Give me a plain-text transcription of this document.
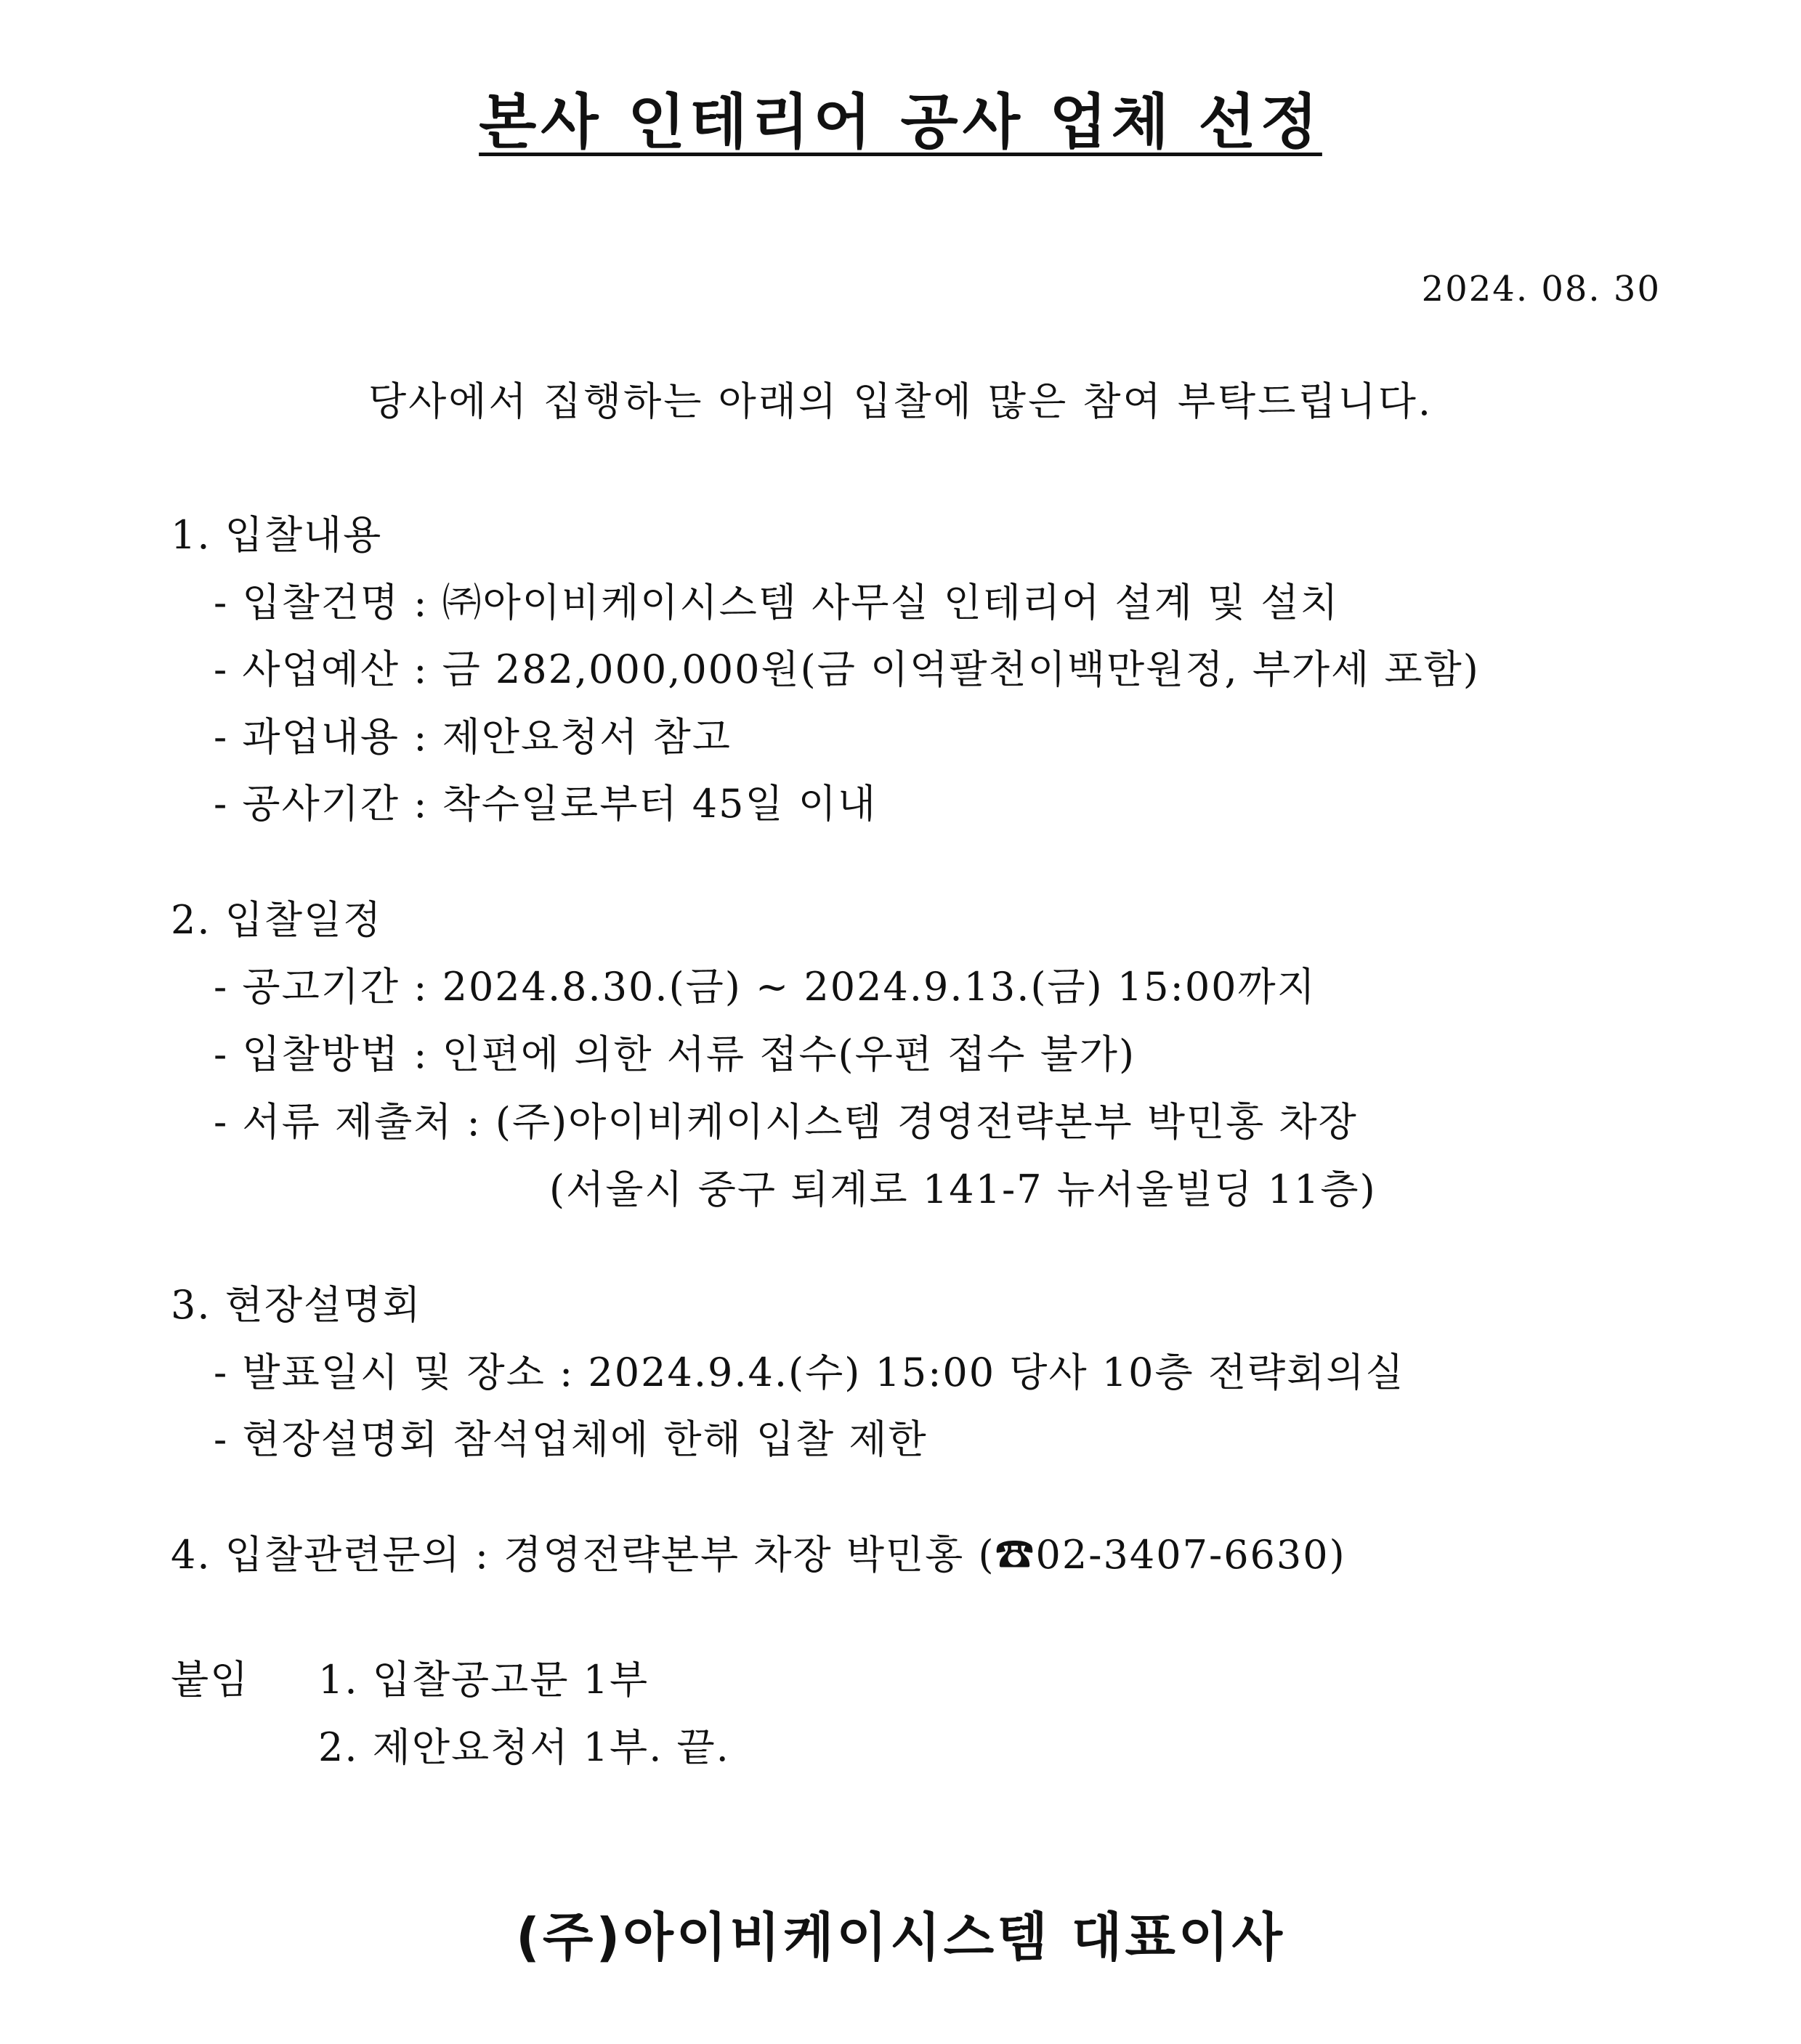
본사 인테리어 공사 업체 선정
2024. 08. 30
당사에서 집행하는 아래의 입찰에 많은 참여 부탁드립니다.
1. 입찰내용
- 입찰건명 : ㈜아이비케이시스템 사무실 인테리어 설계 및 설치
- 사업예산 : 금 282,000,000원(금 이억팔천이백만원정, 부가세 포함)
- 과업내용 : 제안요청서 참고
- 공사기간 : 착수일로부터 45일 이내
2. 입찰일정
- 공고기간 : 2024.8.30.(금) ~ 2024.9.13.(금) 15:00까지
- 입찰방법 : 인편에 의한 서류 접수(우편 접수 불가)
- 서류 제출처 : (주)아이비케이시스템 경영전략본부 박민홍 차장
(서울시 중구 퇴계로 141-7 뉴서울빌딩 11층)
3. 현장설명회
- 발표일시 및 장소 : 2024.9.4.(수) 15:00 당사 10층 전략회의실
- 현장설명회 참석업체에 한해 입찰 제한
4. 입찰관련문의 : 경영전략본부 차장 박민홍 (☎02-3407-6630)
붙임 1. 입찰공고문 1부
2. 제안요청서 1부. 끝.
(주)아이비케이시스템 대표이사
